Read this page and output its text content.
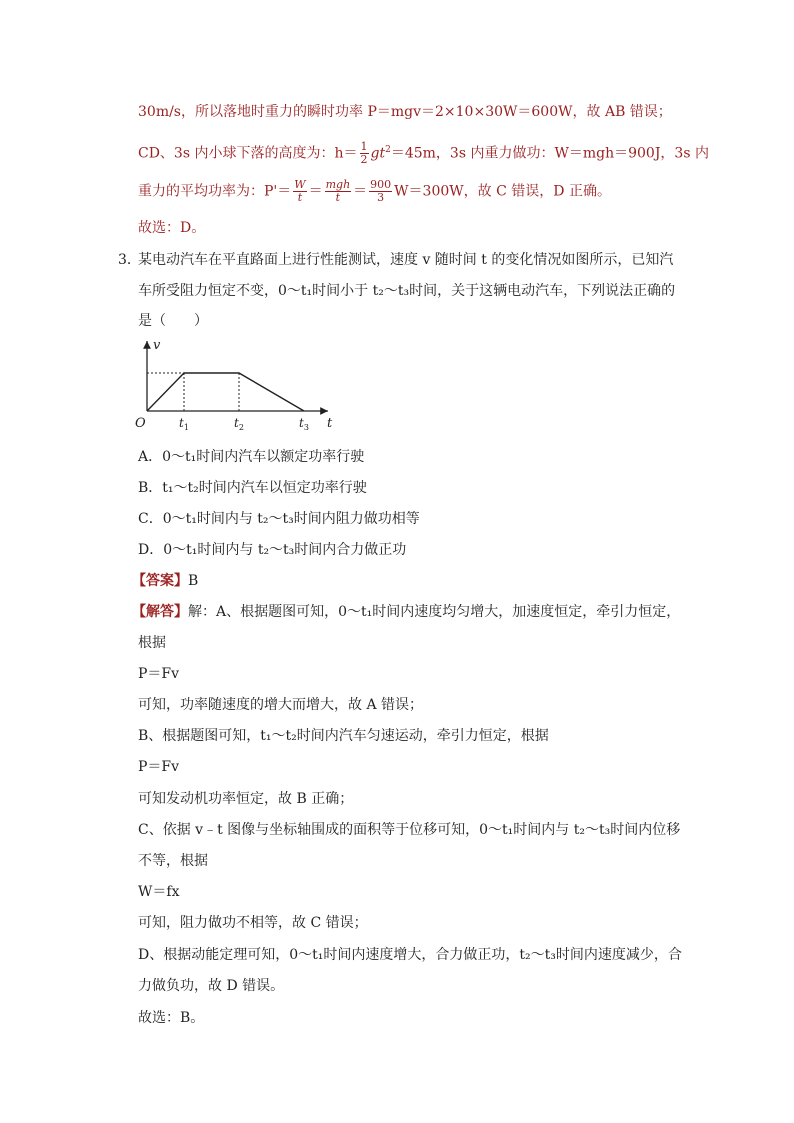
30m/s，所以落地时重力的瞬时功率 P＝mgv＝2×10×30W＝600W，故 AB 错误；
CD、3s 内小球下落的高度为：$h= \frac{1}{2} gt^2=45m$，3s 内重力做功：W＝mgh＝900J，3s 内
重力的平均功率为：$P'= \frac{W}{t} = \frac{\text{mgh}}{t} = \frac{900}{3} W=300W$，故 C 错误，D 正确。
故选：D。
3．
某电动汽车在平直路面上进行性能测试，速度 v 随时间 t 的变化情况如图所示，已知汽
车所受阻力恒定不变，0～t₁时间小于 t₂～t₃时间，关于这辆电动汽车，下列说法正确的
是（　　）
v
t
O	$t_1$	$t_2$	$t_3$
A．0～t₁时间内汽车以额定功率行驶
B．t₁～t₂时间内汽车以恒定功率行驶
C．0～t₁时间内与 t₂～t₃时间内阻力做功相等
D．0～t₁时间内与 t₂～t₃时间内合力做正功
【答案】B
【解答】解：A、根据题图可知，0～t₁时间内速度均匀增大，加速度恒定，牵引力恒定，
根据
P＝Fv
可知，功率随速度的增大而增大，故 A 错误；
B、根据题图可知，t₁～t₂时间内汽车匀速运动，牵引力恒定，根据
P＝Fv
可知发动机功率恒定，故 B 正确；
C、依据 v﹣t 图像与坐标轴围成的面积等于位移可知，0～t₁时间内与 t₂～t₃时间内位移
不等，根据
W＝fx
可知，阻力做功不相等，故 C 错误；
D、根据动能定理可知，0～t₁时间内速度增大，合力做正功，t₂～t₃时间内速度减少，合
力做负功，故 D 错误。
故选：B。
